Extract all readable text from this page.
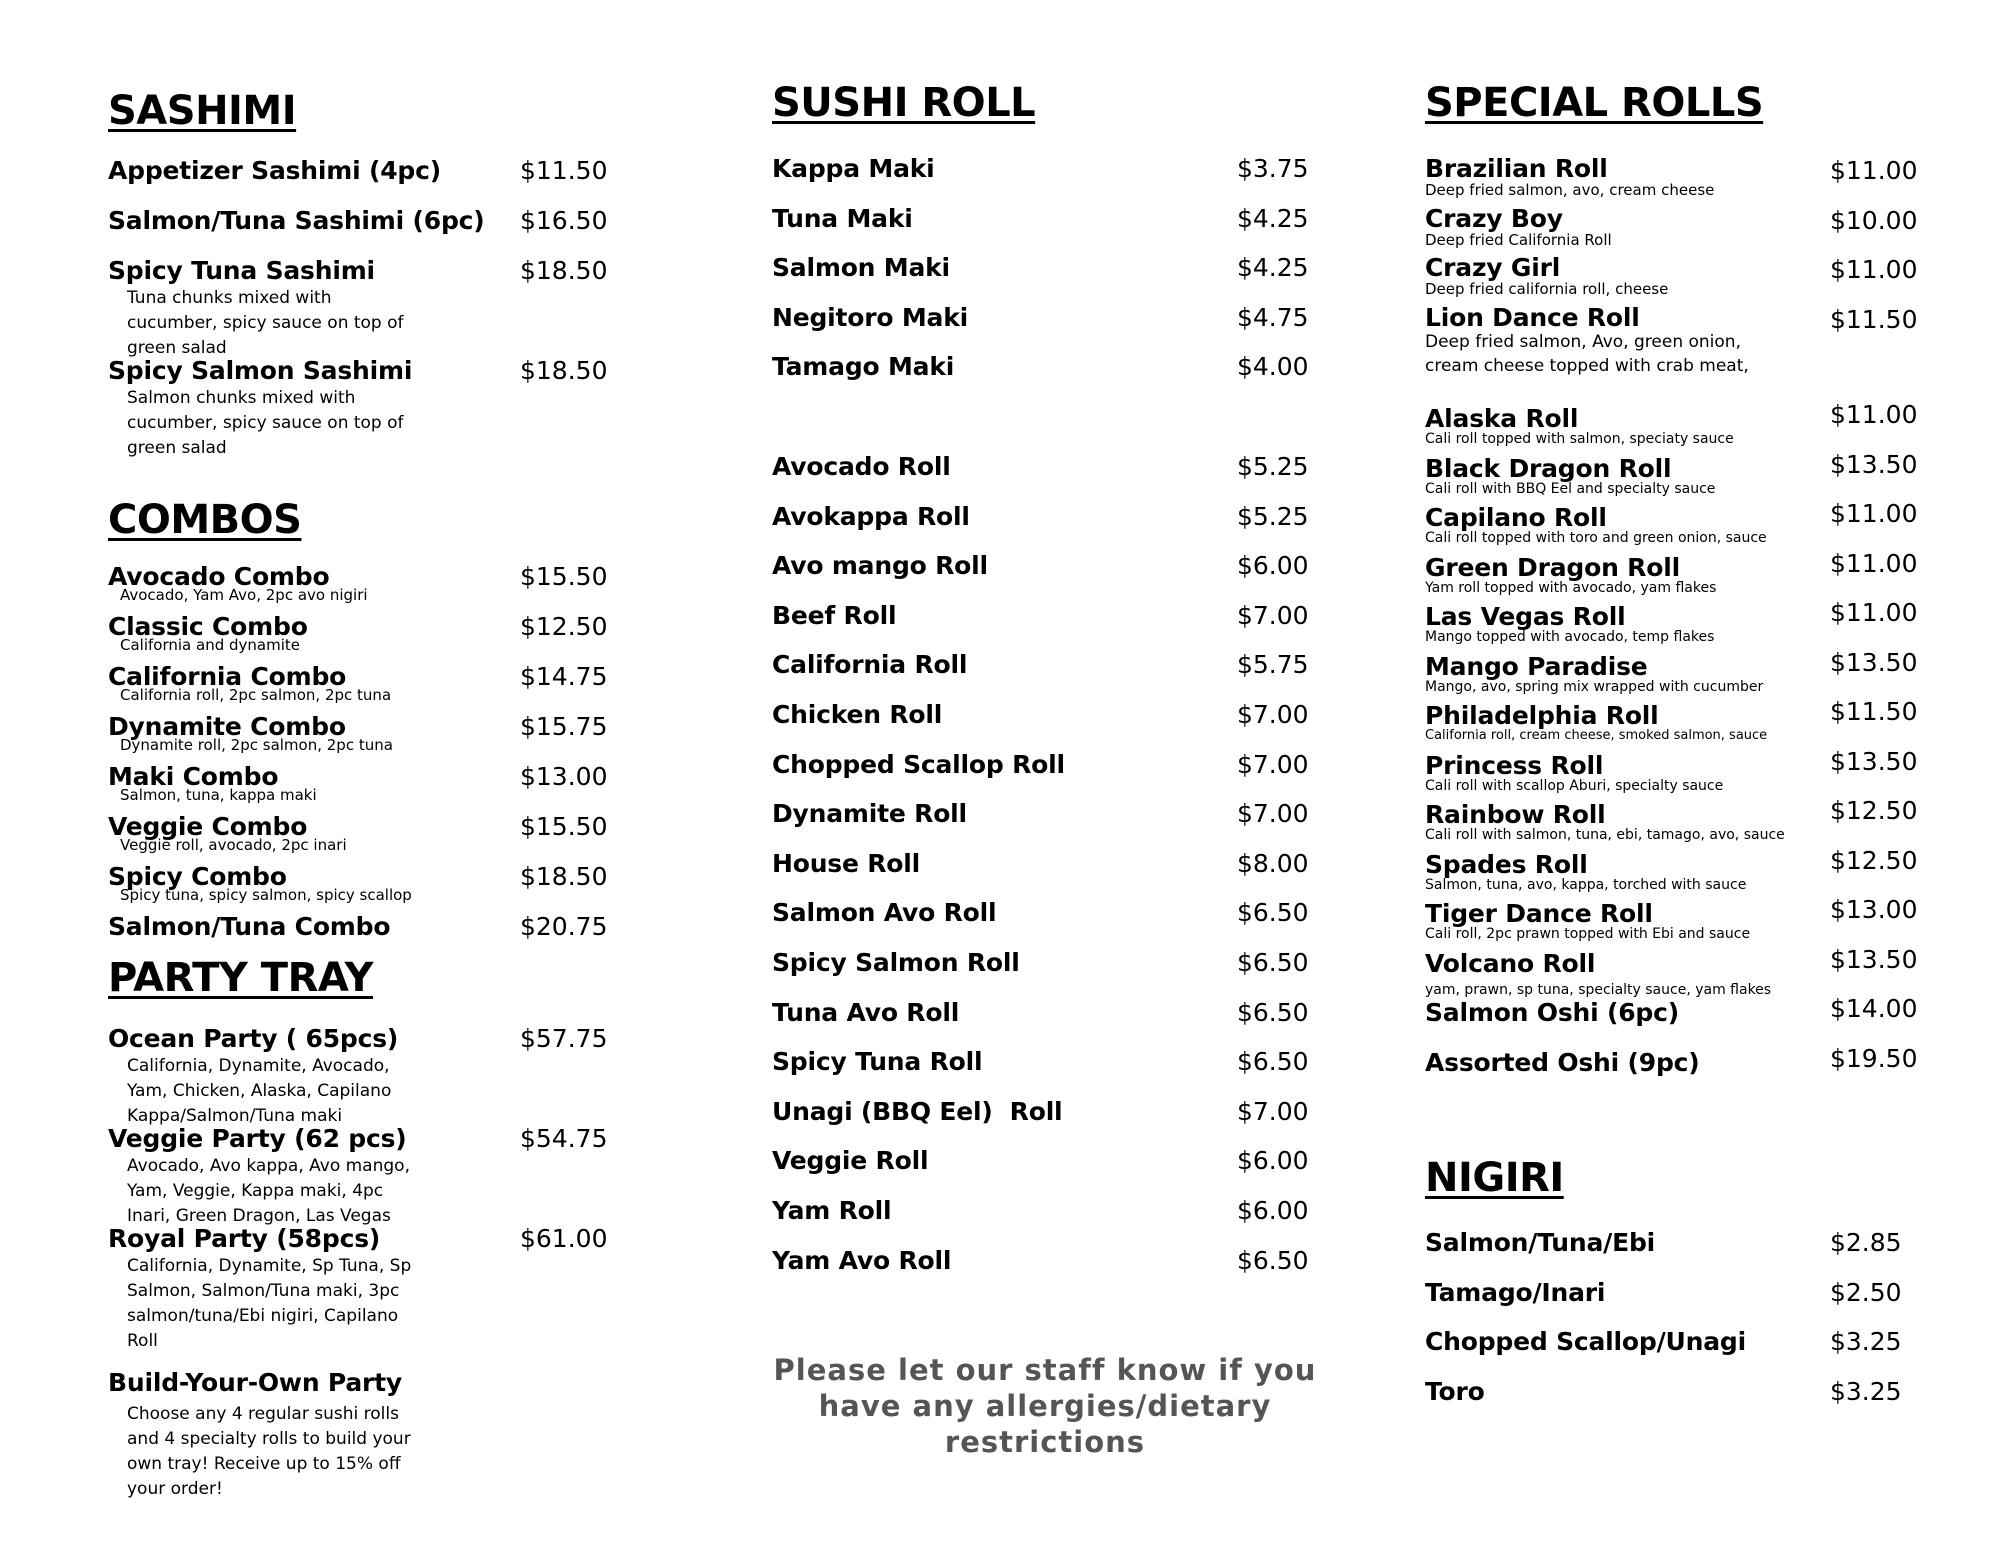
SASHIMI
Appetizer Sashimi (4pc)	$11.50
Salmon/Tuna Sashimi (6pc)	$16.50
Spicy Tuna Sashimi	$18.50
Tuna chunks mixed with
cucumber, spicy sauce on top of
green salad
Spicy Salmon Sashimi	$18.50
Salmon chunks mixed with
cucumber, spicy sauce on top of
green salad
COMBOS
Avocado Combo	$15.50
Avocado, Yam Avo, 2pc avo nigiri
Classic Combo	$12.50
California and dynamite
California Combo	$14.75
California roll, 2pc salmon, 2pc tuna
Dynamite Combo	$15.75
Dynamite roll, 2pc salmon, 2pc tuna
Maki Combo	$13.00
Salmon, tuna, kappa maki
Veggie Combo	$15.50
Veggie roll, avocado, 2pc inari
Spicy Combo	$18.50
Spicy tuna, spicy salmon, spicy scallop
Salmon/Tuna Combo	$20.75
PARTY TRAY
Ocean Party ( 65pcs)	$57.75
California, Dynamite, Avocado,
Yam, Chicken, Alaska, Capilano
Kappa/Salmon/Tuna maki
Veggie Party (62 pcs)	$54.75
Avocado, Avo kappa, Avo mango,
Yam, Veggie, Kappa maki, 4pc
Inari, Green Dragon, Las Vegas
Royal Party (58pcs)	$61.00
California, Dynamite, Sp Tuna, Sp
Salmon, Salmon/Tuna maki, 3pc
salmon/tuna/Ebi nigiri, Capilano
Roll
Build-Your-Own Party
Choose any 4 regular sushi rolls
and 4 specialty rolls to build your
own tray! Receive up to 15% off
your order!
SUSHI ROLL
Kappa Maki	$3.75
Tuna Maki	$4.25
Salmon Maki	$4.25
Negitoro Maki	$4.75
Tamago Maki	$4.00
Avocado Roll	$5.25
Avokappa Roll	$5.25
Avo mango Roll	$6.00
Beef Roll	$7.00
California Roll	$5.75
Chicken Roll	$7.00
Chopped Scallop Roll	$7.00
Dynamite Roll	$7.00
House Roll	$8.00
Salmon Avo Roll	$6.50
Spicy Salmon Roll	$6.50
Tuna Avo Roll	$6.50
Spicy Tuna Roll	$6.50
Unagi (BBQ Eel)  Roll	$7.00
Veggie Roll	$6.00
Yam Roll	$6.00
Yam Avo Roll	$6.50
Please let our staff know if you have any allergies/dietary restrictions
SPECIAL ROLLS
Brazilian Roll	$11.00
Deep fried salmon, avo, cream cheese
Crazy Boy	$10.00
Deep fried California Roll
Crazy Girl	$11.00
Deep fried california roll, cheese
Lion Dance Roll	$11.50
Deep fried salmon, Avo, green onion,
cream cheese topped with crab meat,
Alaska Roll	$11.00
Cali roll topped with salmon, speciaty sauce
Black Dragon Roll	$13.50
Cali roll with BBQ Eel and specialty sauce
Capilano Roll	$11.00
Cali roll topped with toro and green onion, sauce
Green Dragon Roll	$11.00
Yam roll topped with avocado, yam flakes
Las Vegas Roll	$11.00
Mango topped with avocado, temp flakes
Mango Paradise	$13.50
Mango, avo, spring mix wrapped with cucumber
Philadelphia Roll	$11.50
California roll, cream cheese, smoked salmon, sauce
Princess Roll	$13.50
Cali roll with scallop Aburi, specialty sauce
Rainbow Roll	$12.50
Cali roll with salmon, tuna, ebi, tamago, avo, sauce
Spades Roll	$12.50
Salmon, tuna, avo, kappa, torched with sauce
Tiger Dance Roll	$13.00
Cali roll, 2pc prawn topped with Ebi and sauce
Volcano Roll	$13.50
yam, prawn, sp tuna, specialty sauce, yam flakes
Salmon Oshi (6pc)	$14.00
Assorted Oshi (9pc)	$19.50
NIGIRI
Salmon/Tuna/Ebi	$2.85
Tamago/Inari	$2.50
Chopped Scallop/Unagi	$3.25
Toro	$3.25
